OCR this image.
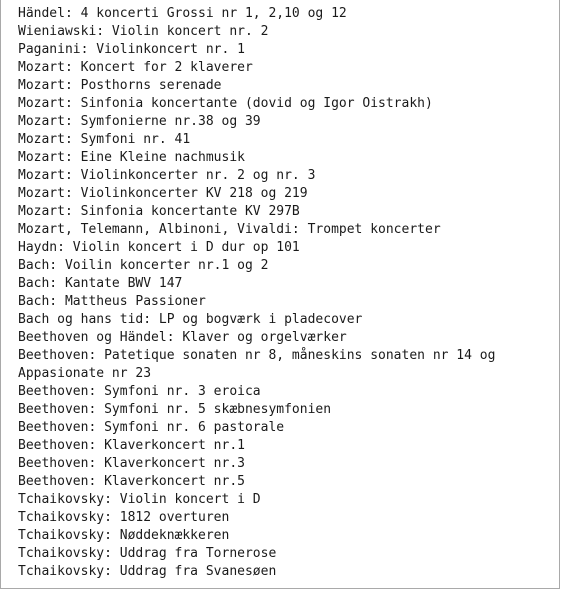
Händel: 4 koncerti Grossi nr 1, 2,10 og 12
Wieniawski: Violin koncert nr. 2
Paganini: Violinkoncert nr. 1
Mozart: Koncert for 2 klaverer
Mozart: Posthorns serenade
Mozart: Sinfonia koncertante (dovid og Igor Oistrakh)
Mozart: Symfonierne nr.38 og 39
Mozart: Symfoni nr. 41
Mozart: Eine Kleine nachmusik
Mozart: Violinkoncerter nr. 2 og nr. 3
Mozart: Violinkoncerter KV 218 og 219
Mozart: Sinfonia koncertante KV 297B
Mozart, Telemann, Albinoni, Vivaldi: Trompet koncerter
Haydn: Violin koncert i D dur op 101
Bach: Voilin koncerter nr.1 og 2
Bach: Kantate BWV 147
Bach: Mattheus Passioner
Bach og hans tid: LP og bogværk i pladecover
Beethoven og Händel: Klaver og orgelværker
Beethoven: Patetique sonaten nr 8, måneskins sonaten nr 14 og
Appasionate nr 23
Beethoven: Symfoni nr. 3 eroica
Beethoven: Symfoni nr. 5 skæbnesymfonien
Beethoven: Symfoni nr. 6 pastorale
Beethoven: Klaverkoncert nr.1
Beethoven: Klaverkoncert nr.3
Beethoven: Klaverkoncert nr.5
Tchaikovsky: Violin koncert i D
Tchaikovsky: 1812 overturen
Tchaikovsky: Nøddeknækkeren
Tchaikovsky: Uddrag fra Tornerose
Tchaikovsky: Uddrag fra Svanesøen
